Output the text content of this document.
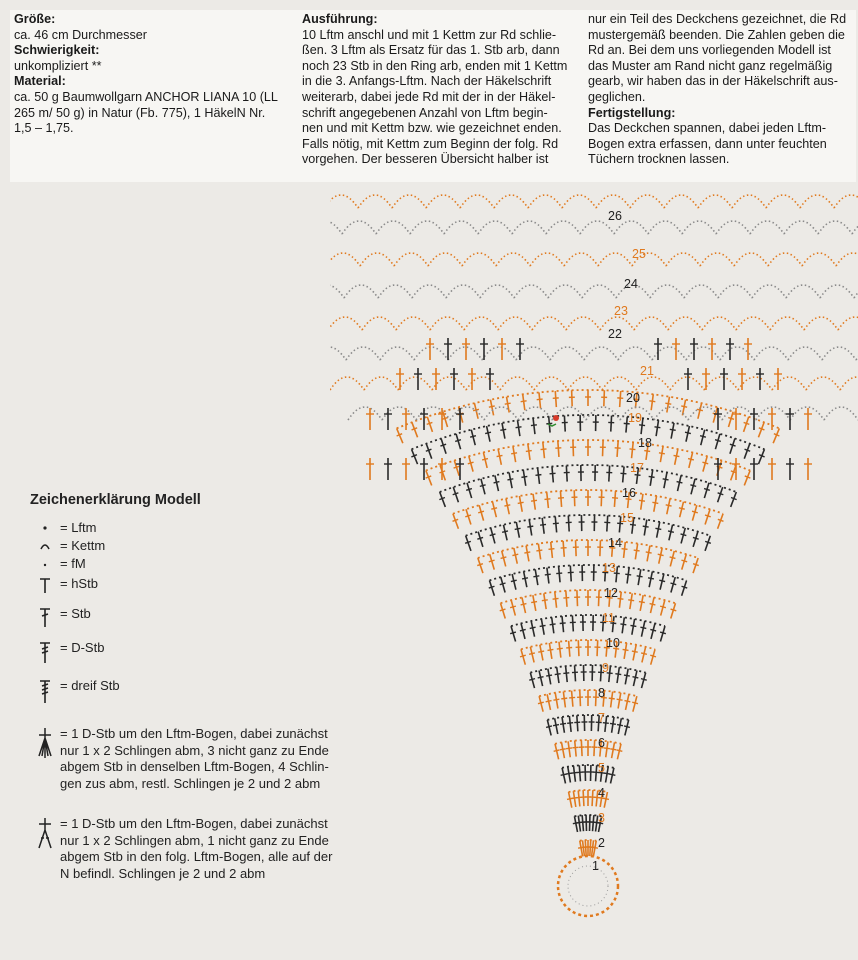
Größe:

ca. 46 cm Durchmesser

Schwierigkeit:

unkompliziert **

Material:

ca. 50 g Baumwollgarn ANCHOR LIANA 10 (LL

265 m/ 50 g) in Natur (Fb. 775), 1 HäkelN Nr.

1,5 – 1,75.

Ausführung:

10 Lftm anschl und mit 1 Kettm zur Rd schlie-

ßen. 3 Lftm als Ersatz für das 1. Stb arb, dann

noch 23 Stb in den Ring arb, enden mit 1 Kettm

in die 3. Anfangs-Lftm. Nach der Häkelschrift

weiterarb, dabei jede Rd mit der in der Häkel-

schrift angegebenen Anzahl von Lftm begin-

nen und mit Kettm bzw. wie gezeichnet enden.

Falls nötig, mit Kettm zum Beginn der folg. Rd

vorgehen. Der besseren Übersicht halber ist

nur ein Teil des Deckchens gezeichnet, die Rd

mustergemäß beenden. Die Zahlen geben die

Rd an. Bei dem uns vorliegenden Modell ist

das Muster am Rand nicht ganz regelmäßig

gearb, wir haben das in der Häkelschrift aus-

geglichen.

Fertigstellung:

Das Deckchen spannen, dabei jeden Lftm-

Bogen extra erfassen, dann unter feuchten

Tüchern trocknen lassen.

Zeichenerklärung Modell
= Lftm
= Kettm
= fM
= hStb
= Stb
= D-Stb
= dreif Stb
= 1 D-Stb um den Lftm-Bogen, dabei zunächst
nur 1 x 2 Schlingen abm, 3 nicht ganz zu Ende
abgem Stb in denselben Lftm-Bogen, 4 Schlin-
gen zus abm, restl. Schlingen je 2 und 2 abm
= 1 D-Stb um den Lftm-Bogen, dabei zunächst
nur 1 x 2 Schlingen abm, 1 nicht ganz zu Ende
abgem Stb in den folg. Lftm-Bogen, alle auf der
N befindl. Schlingen je 2 und 2 abm	1
2
3
4
5
6
7
8
9
10
11
12
13
14
15
16
17
18
19
20
21
22
23
24
25
26
